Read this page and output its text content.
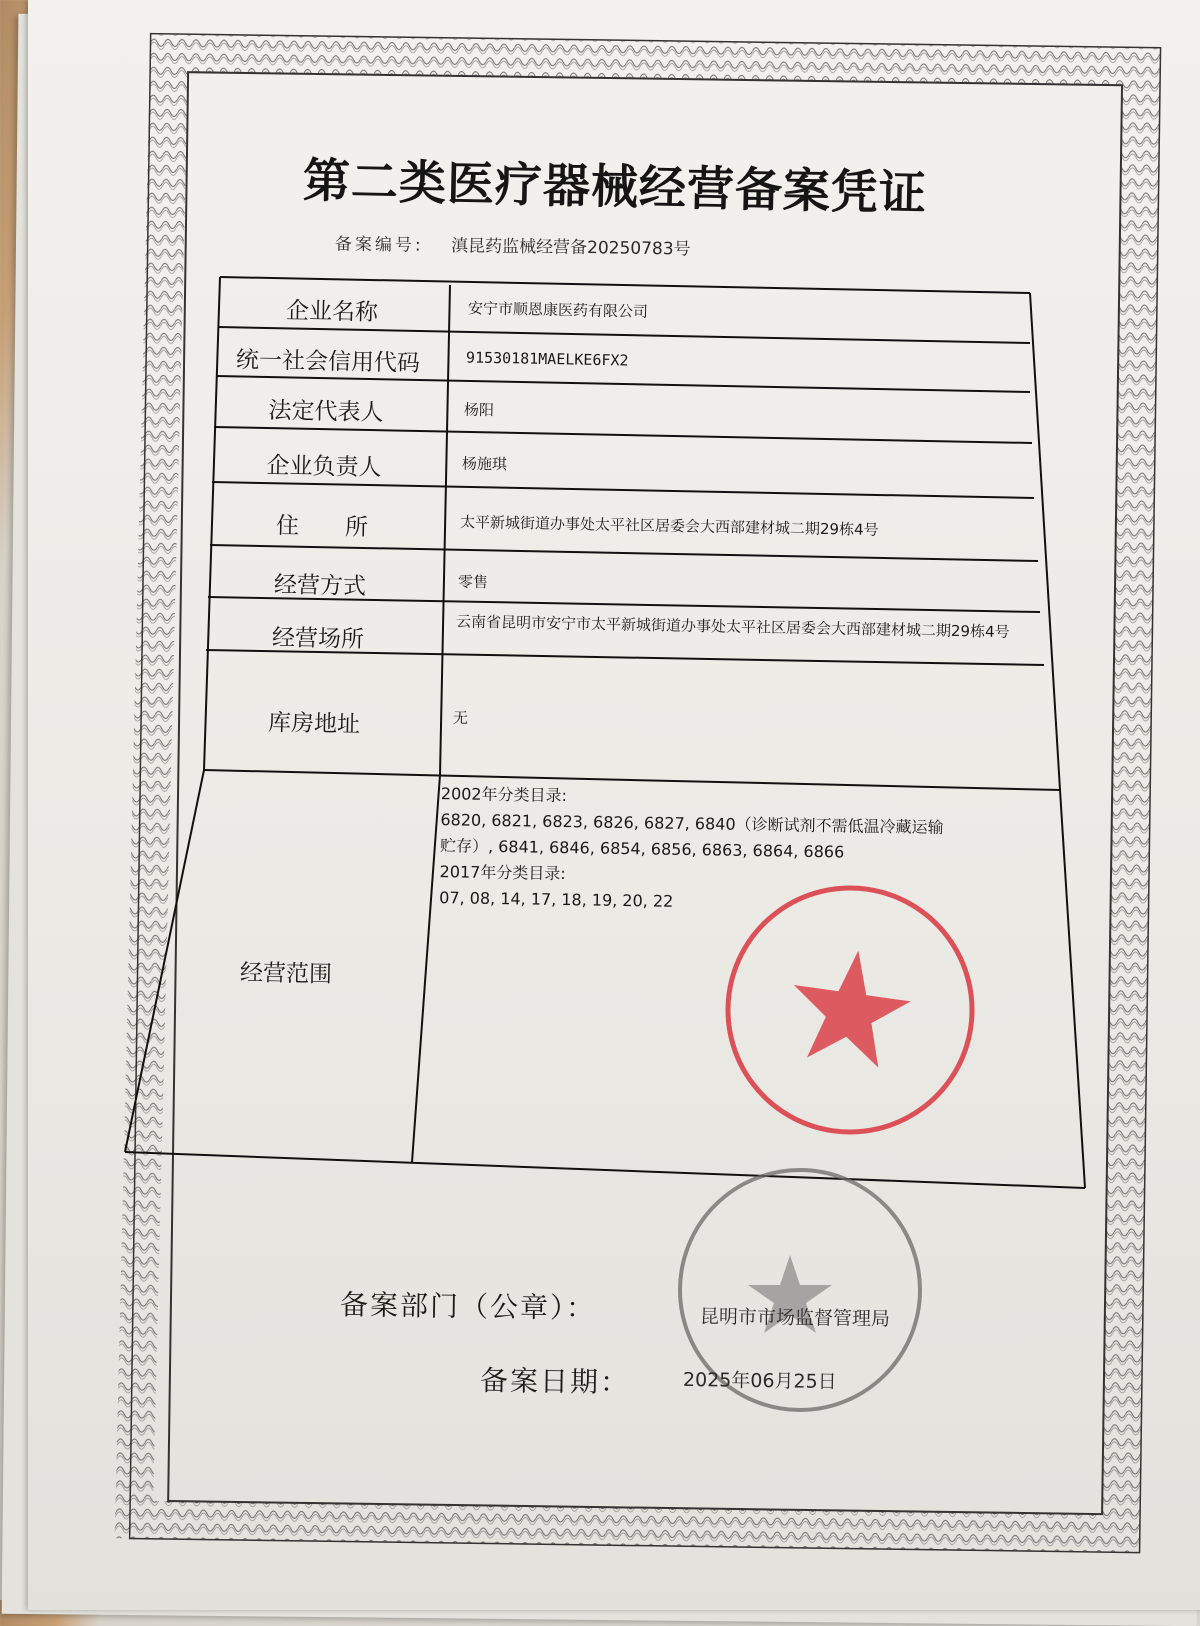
第二类医疗器械经营备案凭证
备案编号: 滇昆药监械经营备20250783号
企业名称	安宁市顺恩康医药有限公司
统一社会信用代码	91530181MAELKE6FX2
法定代表人	杨阳
企业负责人	杨施琪
住　　所	太平新城街道办事处太平社区居委会大西部建材城二期29栋4号
经营方式	零售
经营场所	云南省昆明市安宁市太平新城街道办事处太平社区居委会大西部建材城二期29栋4号
库房地址	无
经营范围
2002年分类目录:
6820, 6821, 6823, 6826, 6827, 6840（诊断试剂不需低温冷藏运输
贮存）, 6841, 6846, 6854, 6856, 6863, 6864, 6866
2017年分类目录:
07, 08, 14, 17, 18, 19, 20, 22
备案部门（公章）：	昆明市市场监督管理局
备案日期：	2025年06月25日
